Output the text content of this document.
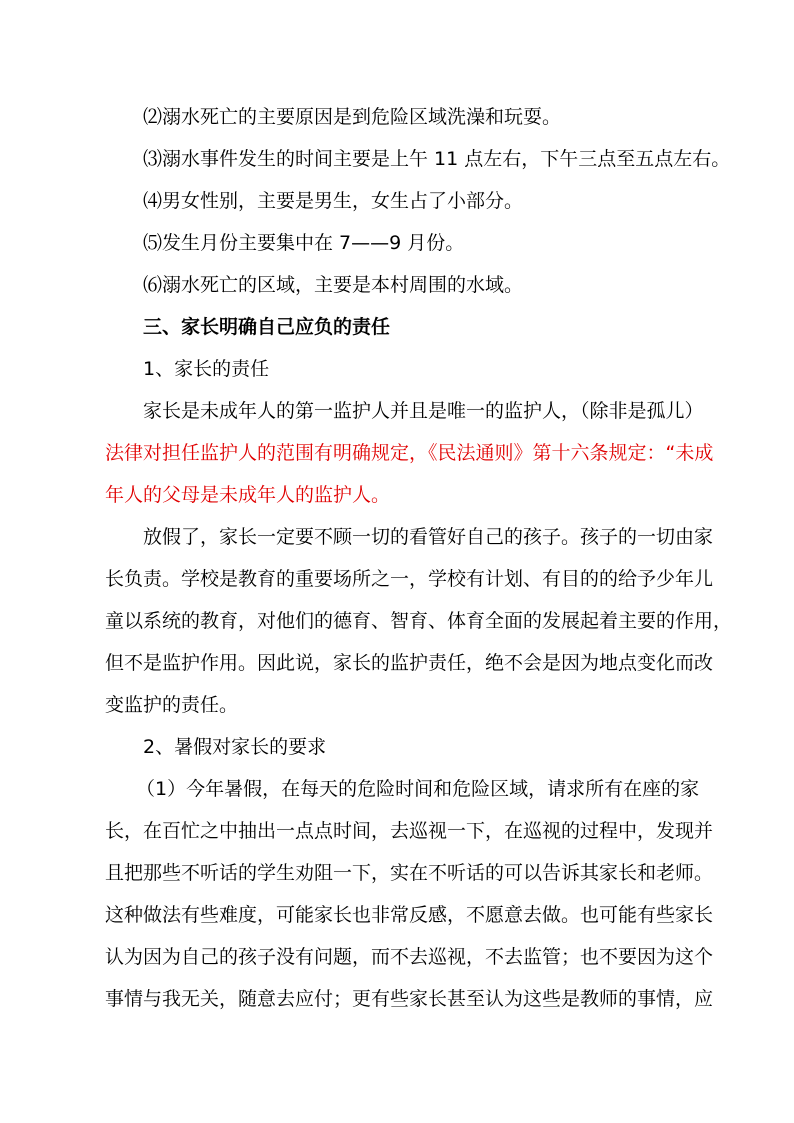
⑵溺水死亡的主要原因是到危险区域洗澡和玩耍。
⑶溺水事件发生的时间主要是上午 11 点左右，下午三点至五点左右。
⑷男女性别，主要是男生，女生占了小部分。
⑸发生月份主要集中在 7——9 月份。
⑹溺水死亡的区域，主要是本村周围的水域。
三、家长明确自己应负的责任
1、家长的责任
家长是未成年人的第一监护人并且是唯一的监护人，（除非是孤儿）
法律对担任监护人的范围有明确规定，《民法通则》第十六条规定：“未成
年人的父母是未成年人的监护人。
放假了，家长一定要不顾一切的看管好自己的孩子。孩子的一切由家
长负责。学校是教育的重要场所之一，学校有计划、有目的的给予少年儿
童以系统的教育，对他们的德育、智育、体育全面的发展起着主要的作用，
但不是监护作用。因此说，家长的监护责任，绝不会是因为地点变化而改
变监护的责任。
2、暑假对家长的要求
（1）今年暑假，在每天的危险时间和危险区域，请求所有在座的家
长，在百忙之中抽出一点点时间，去巡视一下，在巡视的过程中，发现并
且把那些不听话的学生劝阻一下，实在不听话的可以告诉其家长和老师。
这种做法有些难度，可能家长也非常反感，不愿意去做。也可能有些家长
认为因为自己的孩子没有问题，而不去巡视，不去监管；也不要因为这个
事情与我无关，随意去应付；更有些家长甚至认为这些是教师的事情，应
